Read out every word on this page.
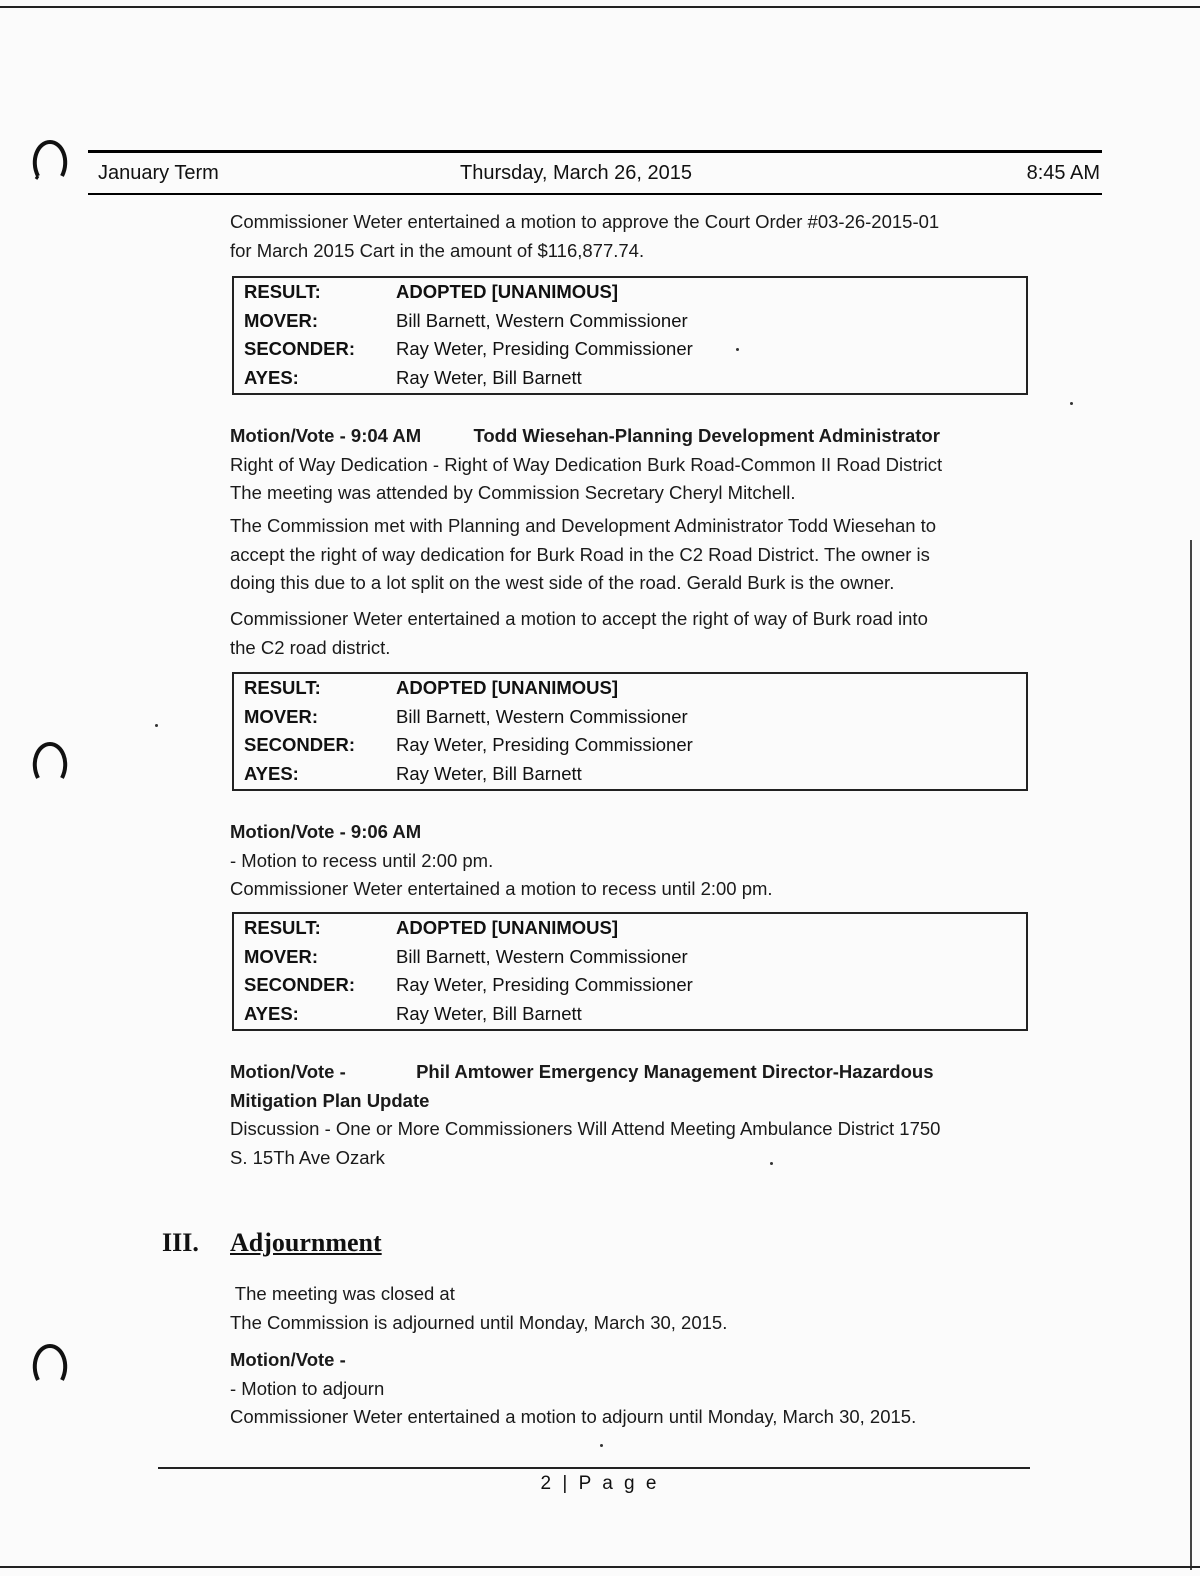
January Term	Thursday, March 26, 2015	8:45 AM
Commissioner Weter entertained a motion to approve the Court Order #03-26-2015-01
for March 2015 Cart in the amount of $116,877.74.
RESULT:	ADOPTED [UNANIMOUS]
MOVER:	Bill Barnett, Western Commissioner
SECONDER:	Ray Weter, Presiding Commissioner
AYES:	Ray Weter, Bill Barnett
Motion/Vote - 9:04 AM	Todd Wiesehan-Planning Development Administrator
Right of Way Dedication - Right of Way Dedication Burk Road-Common II Road District
The meeting was attended by Commission Secretary Cheryl Mitchell.
The Commission met with Planning and Development Administrator Todd Wiesehan to
accept the right of way dedication for Burk Road in the C2 Road District. The owner is
doing this due to a lot split on the west side of the road. Gerald Burk is the owner.
Commissioner Weter entertained a motion to accept the right of way of Burk road into
the C2 road district.
RESULT:	ADOPTED [UNANIMOUS]
MOVER:	Bill Barnett, Western Commissioner
SECONDER:	Ray Weter, Presiding Commissioner
AYES:	Ray Weter, Bill Barnett
Motion/Vote - 9:06 AM
- Motion to recess until 2:00 pm.
Commissioner Weter entertained a motion to recess until 2:00 pm.
RESULT:	ADOPTED [UNANIMOUS]
MOVER:	Bill Barnett, Western Commissioner
SECONDER:	Ray Weter, Presiding Commissioner
AYES:	Ray Weter, Bill Barnett
Motion/Vote -	Phil Amtower Emergency Management Director-Hazardous
Mitigation Plan Update
Discussion - One or More Commissioners Will Attend Meeting Ambulance District 1750
S. 15Th Ave Ozark
III. Adjournment
The meeting was closed at
The Commission is adjourned until Monday, March 30, 2015.
Motion/Vote -
- Motion to adjourn
Commissioner Weter entertained a motion to adjourn until Monday, March 30, 2015.
2 | P a g e
